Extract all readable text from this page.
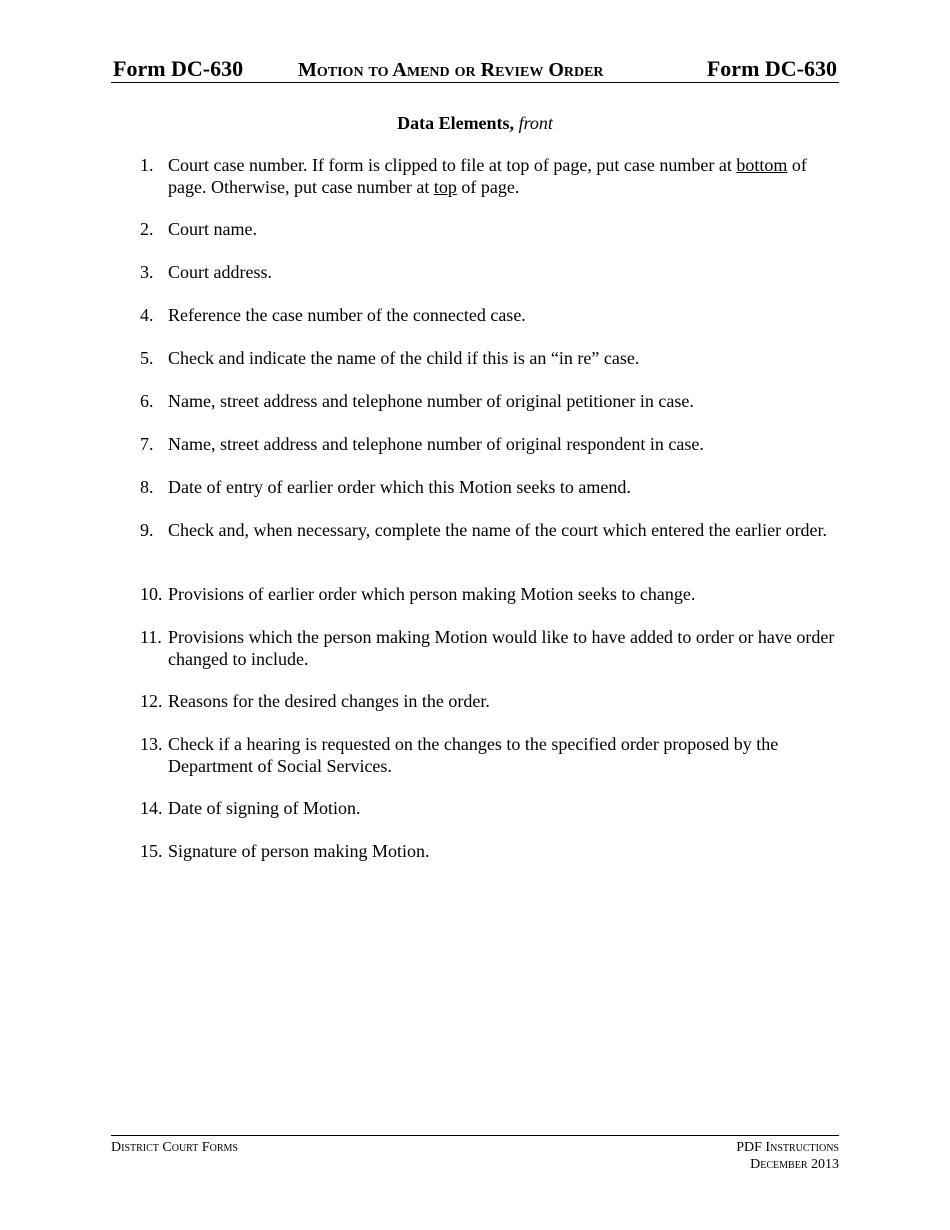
Form DC-630	Motion to Amend or Review Order	Form DC-630
Data Elements, front
1. Court case number. If form is clipped to file at top of page, put case number at bottom of page. Otherwise, put case number at top of page.
2. Court name.
3. Court address.
4. Reference the case number of the connected case.
5. Check and indicate the name of the child if this is an “in re” case.
6. Name, street address and telephone number of original petitioner in case.
7. Name, street address and telephone number of original respondent in case.
8. Date of entry of earlier order which this Motion seeks to amend.
9. Check and, when necessary, complete the name of the court which entered the earlier order.
10. Provisions of earlier order which person making Motion seeks to change.
11. Provisions which the person making Motion would like to have added to order or have order changed to include.
12. Reasons for the desired changes in the order.
13. Check if a hearing is requested on the changes to the specified order proposed by the Department of Social Services.
14. Date of signing of Motion.
15. Signature of person making Motion.
District Court Forms	PDF Instructions
December 2013
